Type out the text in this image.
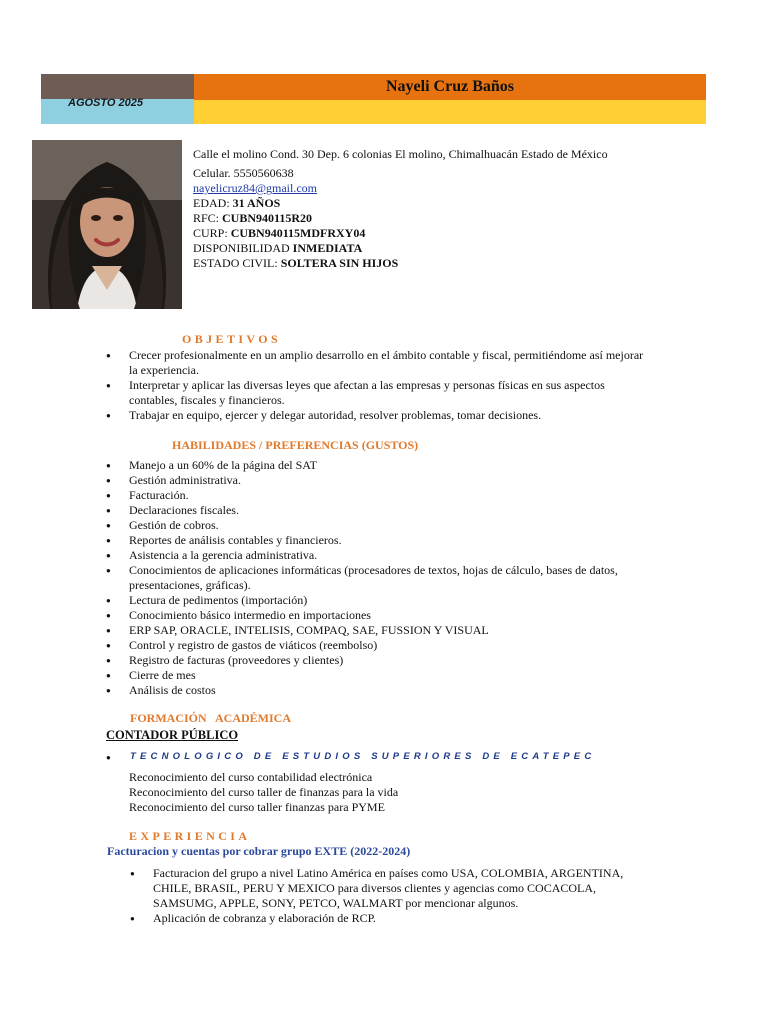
AGOSTO 2025
Nayeli Cruz Baños
Calle el molino Cond. 30 Dep. 6 colonias El molino, Chimalhuacán Estado de México
Celular. 5550560638
nayelicruz84@gmail.com
EDAD: 31 AÑOS
RFC: CUBN940115R20
CURP: CUBN940115MDFRXY04
DISPONIBILIDAD INMEDIATA
ESTADO CIVIL: SOLTERA SIN HIJOS
OBJETIVOS
● Crecer profesionalmente en un amplio desarrollo en el ámbito contable y fiscal, permitiéndome así mejorar la experiencia.
● Interpretar y aplicar las diversas leyes que afectan a las empresas y personas físicas en sus aspectos contables, fiscales y financieros.
● Trabajar en equipo, ejercer y delegar autoridad, resolver problemas, tomar decisiones.
HABILIDADES / PREFERENCIAS (GUSTOS)
● Manejo a un 60% de la página del SAT
● Gestión administrativa.
● Facturación.
● Declaraciones fiscales.
● Gestión de cobros.
● Reportes de análisis contables y financieros.
● Asistencia a la gerencia administrativa.
● Conocimientos de aplicaciones informáticas (procesadores de textos, hojas de cálculo, bases de datos, presentaciones, gráficas).
● Lectura de pedimentos (importación)
● Conocimiento básico intermedio en importaciones
● ERP SAP, ORACLE, INTELISIS, COMPAQ, SAE, FUSSION Y VISUAL
● Control y registro de gastos de viáticos (reembolso)
● Registro de facturas (proveedores y clientes)
● Cierre de mes
● Análisis de costos
FORMACIÓN   ACADÉMICA
CONTADOR PÚBLICO
● TECNOLOGICO DE ESTUDIOS SUPERIORES DE ECATEPEC
Reconocimiento del curso contabilidad electrónica
Reconocimiento del curso taller de finanzas para la vida
Reconocimiento del curso taller finanzas para PYME
EXPERIENCIA
Facturacion y cuentas por cobrar grupo EXTE (2022-2024)
● Facturacion del grupo a nivel Latino América en países como USA, COLOMBIA, ARGENTINA, CHILE, BRASIL, PERU Y MEXICO para diversos clientes y agencias como COCACOLA, SAMSUMG, APPLE, SONY, PETCO, WALMART por mencionar algunos.
● Aplicación de cobranza y elaboración de RCP.
